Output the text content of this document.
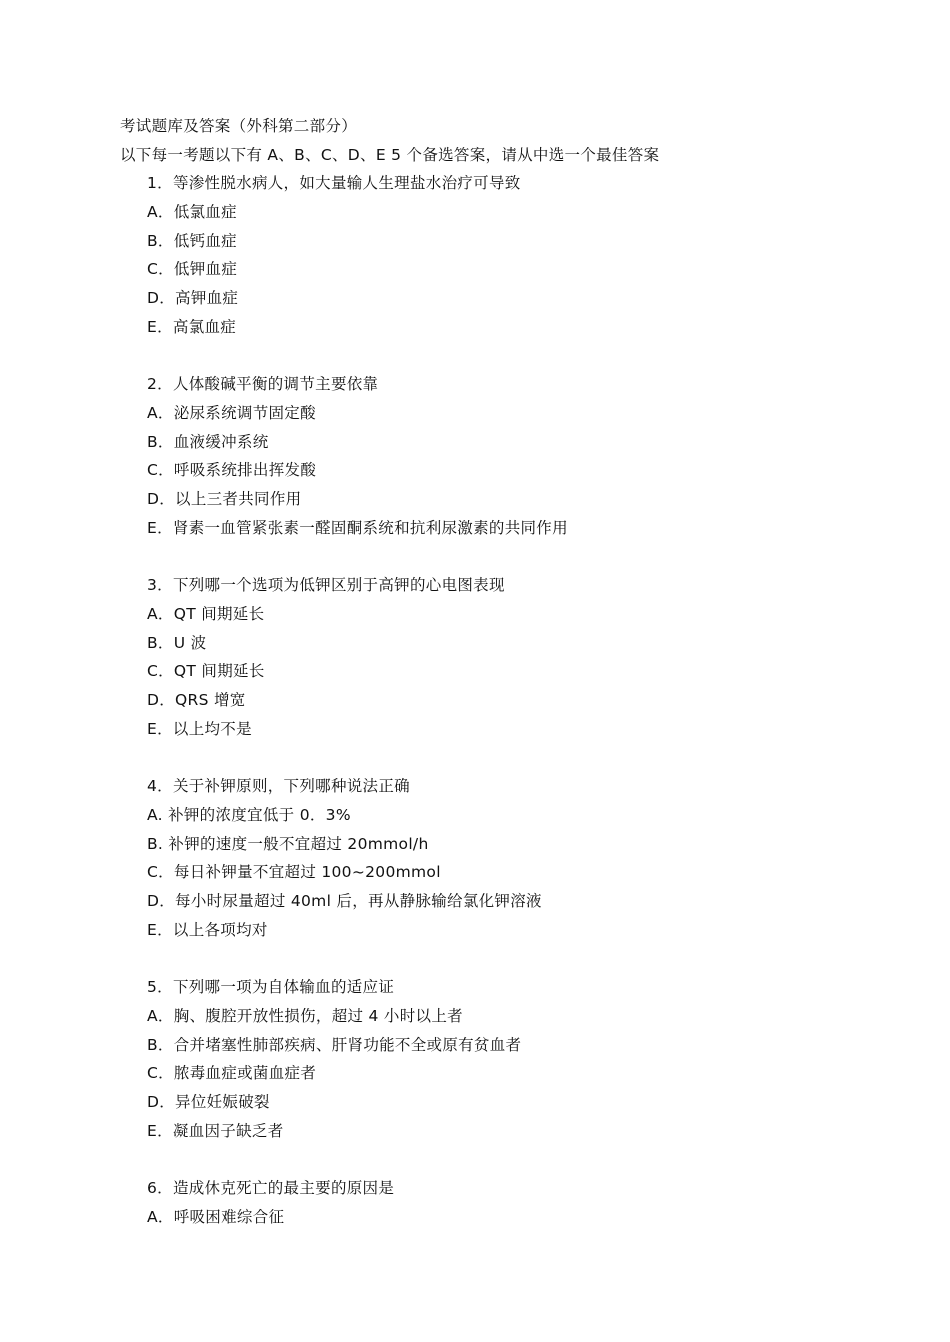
考试题库及答案（外科第二部分）
以下每一考题以下有 A、B、C、D、E 5 个备选答案，请从中选一个最佳答案
1．等渗性脱水病人，如大量输人生理盐水治疗可导致
A．低氯血症
B．低钙血症
C．低钾血症
D．高钾血症
E．高氯血症
2．人体酸碱平衡的调节主要依靠
A．泌尿系统调节固定酸
B．血液缓冲系统
C．呼吸系统排出挥发酸
D．以上三者共同作用
E．肾素一血管紧张素一醛固酮系统和抗利尿激素的共同作用
3．下列哪一个选项为低钾区别于高钾的心电图表现
A．QT 间期延长
B．U 波
C．QT 间期延长
D．QRS 增宽
E．以上均不是
4．关于补钾原则，下列哪种说法正确
A. 补钾的浓度宜低于 0．3%
B. 补钾的速度一般不宜超过 20mmol/h
C．每日补钾量不宜超过 100~200mmol
D．每小时尿量超过 40ml 后，再从静脉输给氯化钾溶液
E．以上各项均对
5．下列哪一项为自体输血的适应证
A．胸、腹腔开放性损伤，超过 4 小时以上者
B．合并堵塞性肺部疾病、肝肾功能不全或原有贫血者
C．脓毒血症或菌血症者
D．异位妊娠破裂
E．凝血因子缺乏者
6．造成休克死亡的最主要的原因是
A．呼吸困难综合征
